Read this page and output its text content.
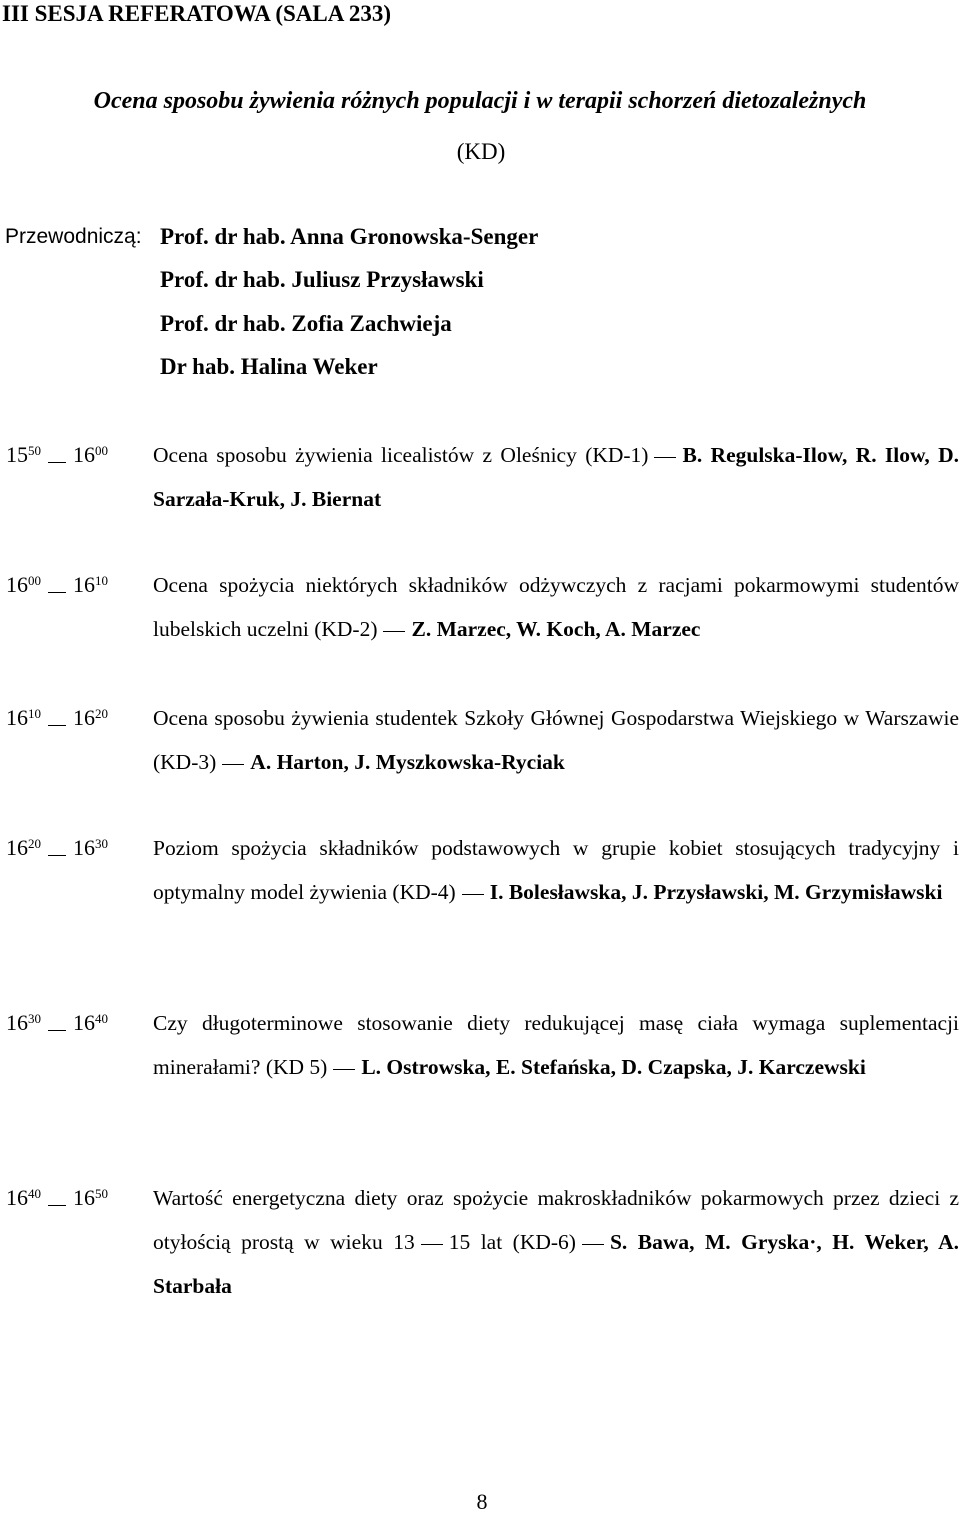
III SESJA REFERATOWA (SALA 233)
Ocena sposobu żywienia różnych populacji i w terapii schorzeń dietozależnych
(KD)
Przewodniczą: Prof. dr hab. Anna Gronowska-Senger
Prof. dr hab. Juliusz Przysławski
Prof. dr hab. Zofia Zachwieja
Dr hab. Halina Weker
$15^{50}$ $16^{00}$ Ocena sposobu żywienia licealistów z Oleśnicy (KD-1) B. Regulska-Ilow, R. Ilow, D. Sarzała-Kruk, J. Biernat
$16^{00}$ $16^{10}$ Ocena spożycia niektórych składników odżywczych z racjami pokarmowymi studentów lubelskich uczelni (KD-2) Z. Marzec, W. Koch, A. Marzec
$16^{10}$ $16^{20}$ Ocena sposobu żywienia studentek Szkoły Głównej Gospodarstwa Wiejskiego w Warszawie (KD-3) A. Harton, J. Myszkowska-Ryciak
$16^{20}$ $16^{30}$ Poziom spożycia składników podstawowych w grupie kobiet stosujących tradycyjny i optymalny model żywienia (KD-4) I. Bolesławska, J. Przysławski, M. Grzymisławski
$16^{30}$ $16^{40}$ Czy długoterminowe stosowanie diety redukującej masę ciała wymaga suplementacji minerałami? (KD 5) L. Ostrowska, E. Stefańska, D. Czapska, J. Karczewski
$16^{40}$ $16^{50}$ Wartość energetyczna diety oraz spożycie makroskładników pokarmowych przez dzieci z otyłością prostą w wieku 13 15 lat (KD-6) S. Bawa, M. Gryska·, H. Weker, A. Starbała
8
